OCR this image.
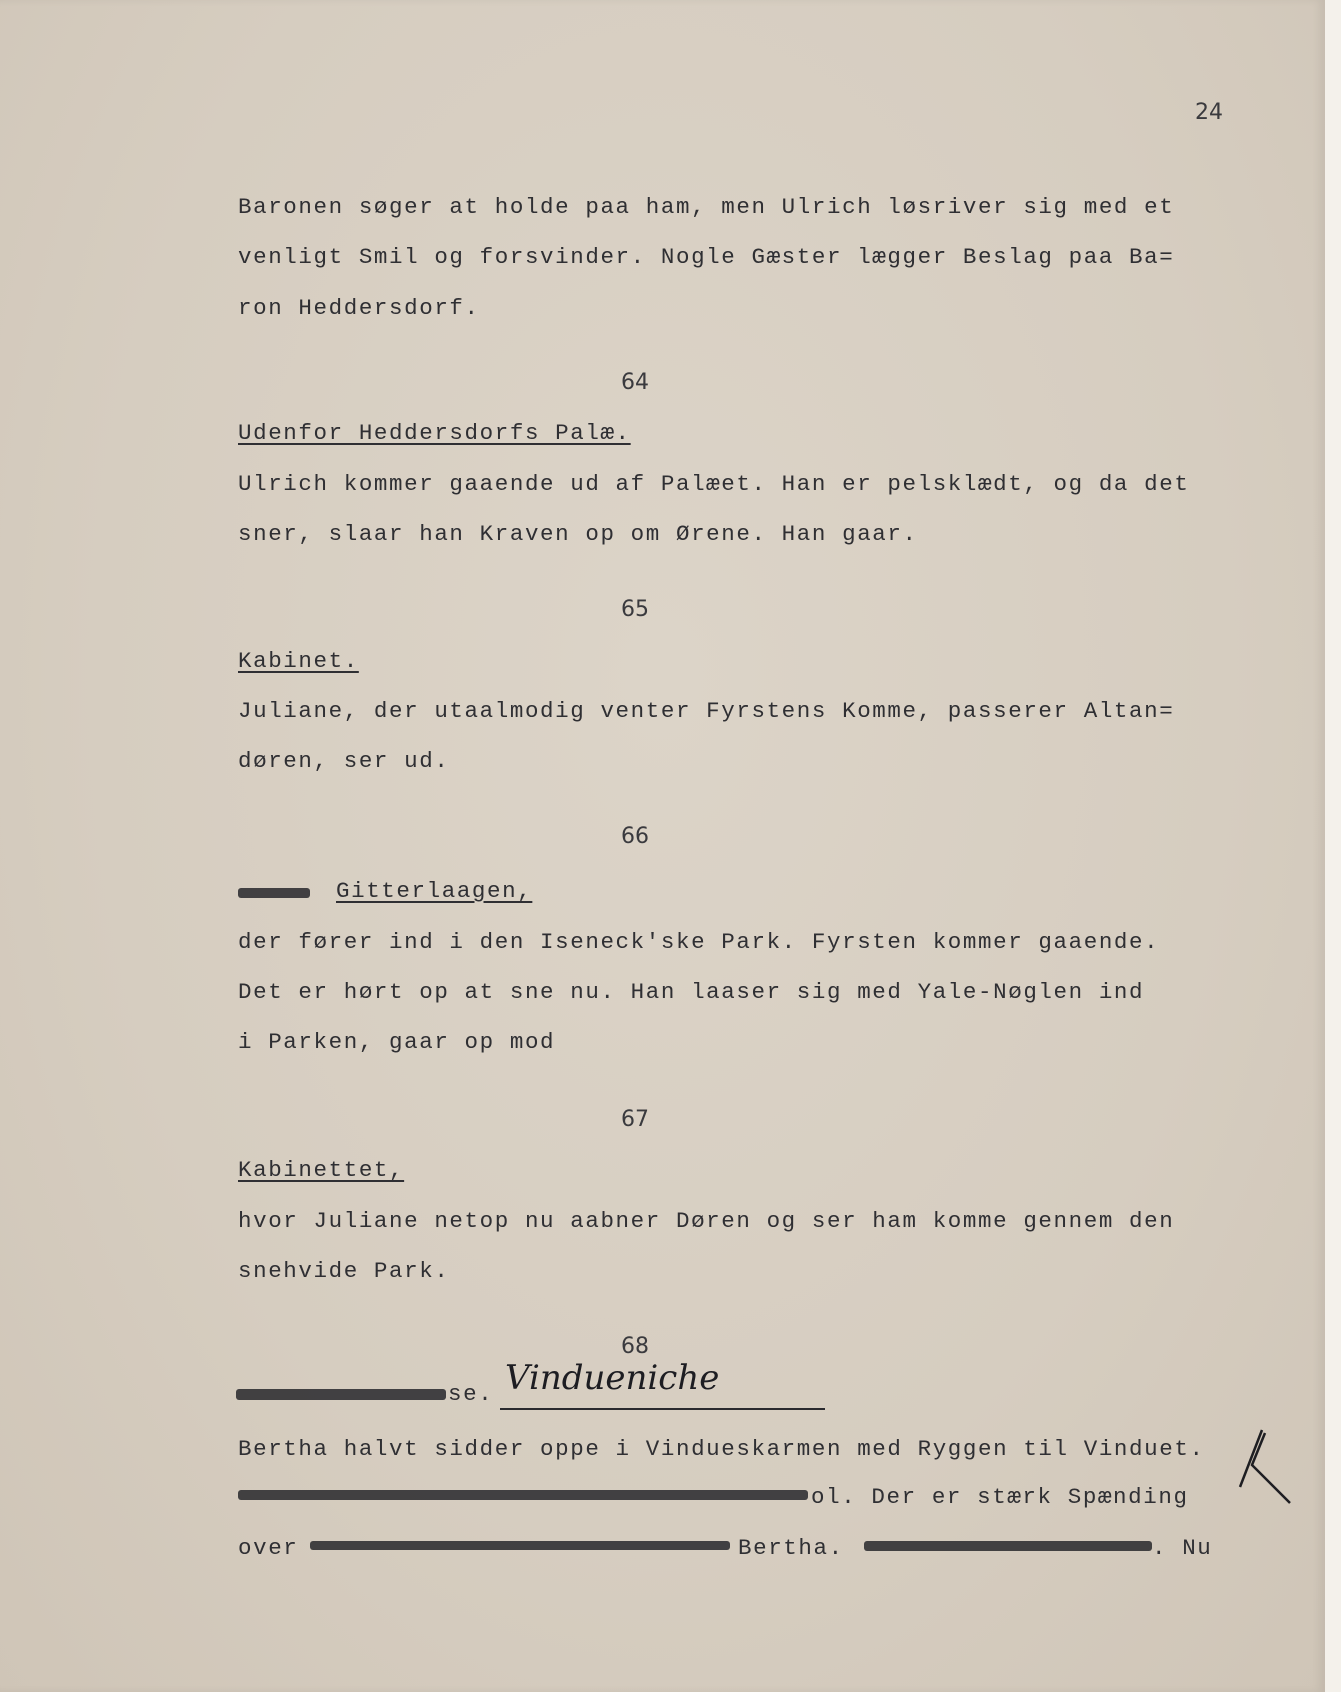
24
Baronen søger at holde paa ham, men Ulrich løsriver sig med et
venligt Smil og forsvinder. Nogle Gæster lægger Beslag paa Ba=
ron Heddersdorf.
64
Udenfor Heddersdorfs Palæ.
Ulrich kommer gaaende ud af Palæet. Han er pelsklædt, og da det
sner, slaar han Kraven op om Ørene. Han gaar.
65
Kabinet.
Juliane, der utaalmodig venter Fyrstens Komme, passerer Altan=
døren, ser ud.
66
Gitterlaagen,
der fører ind i den Iseneck'ske Park. Fyrsten kommer gaaende.
Det er hørt op at sne nu. Han laaser sig med Yale-Nøglen ind
i Parken, gaar op mod
67
Kabinettet,
hvor Juliane netop nu aabner Døren og ser ham komme gennem den
snehvide Park.
68
se. Vindueniche
Bertha halvt sidder oppe i Vindueskarmen med Ryggen til Vinduet.
ol. Der er stærk Spænding
over	Bertha.	. Nu
